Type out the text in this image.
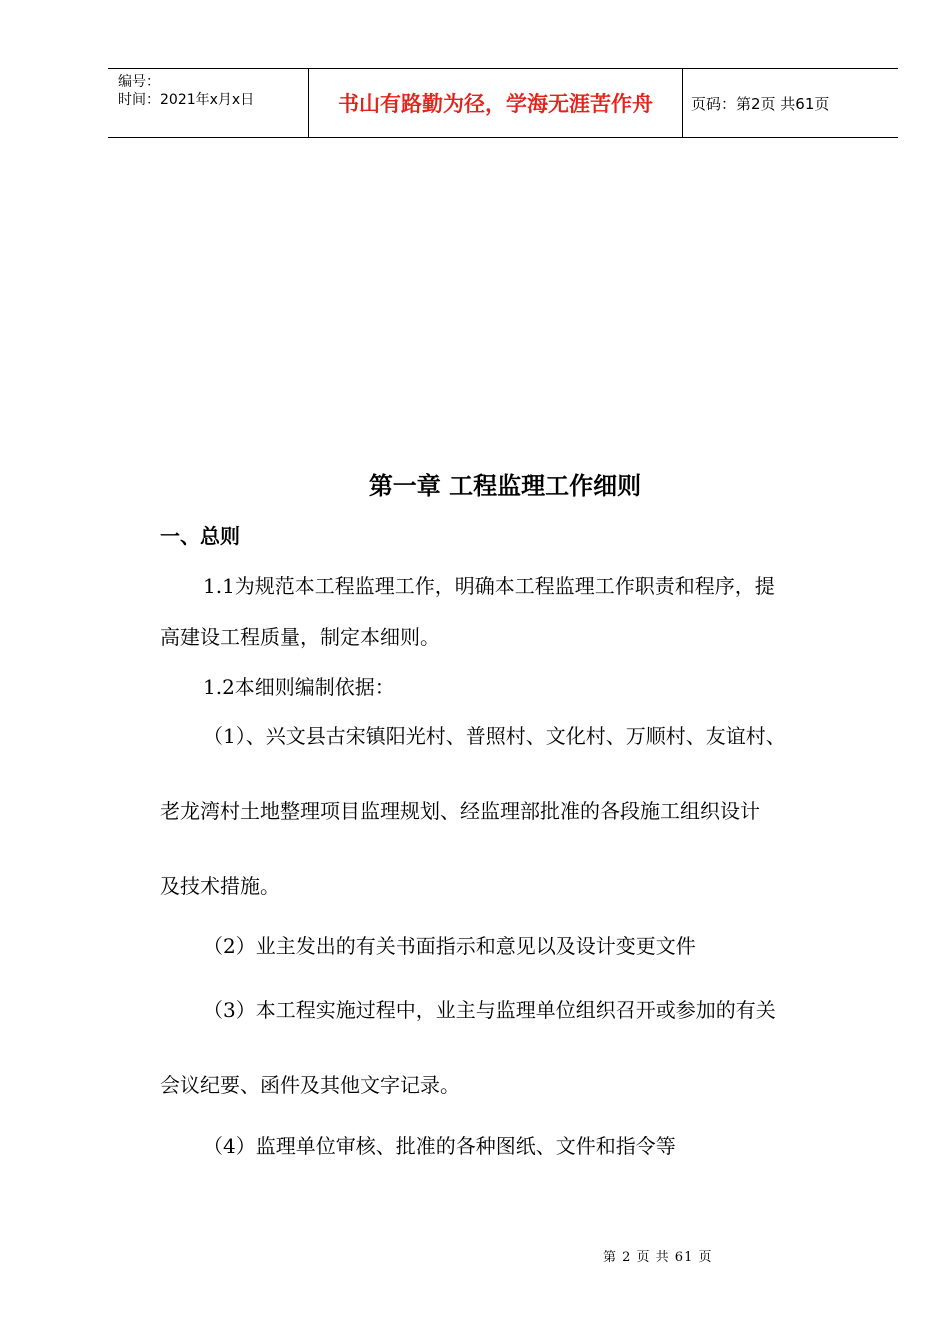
编号：
时间：2021年x月x日	书山有路勤为径，学海无涯苦作舟	页码：第2页 共61页
第一章 工程监理工作细则
一、总则
1.1为规范本工程监理工作，明确本工程监理工作职责和程序，提
高建设工程质量，制定本细则。
1.2本细则编制依据：
（1）、兴文县古宋镇阳光村、普照村、文化村、万顺村、友谊村、
老龙湾村土地整理项目监理规划、经监理部批准的各段施工组织设计
及技术措施。
（2）业主发出的有关书面指示和意见以及设计变更文件
（3）本工程实施过程中，业主与监理单位组织召开或参加的有关
会议纪要、函件及其他文字记录。
（4）监理单位审核、批准的各种图纸、文件和指令等
第 2 页 共 61 页
